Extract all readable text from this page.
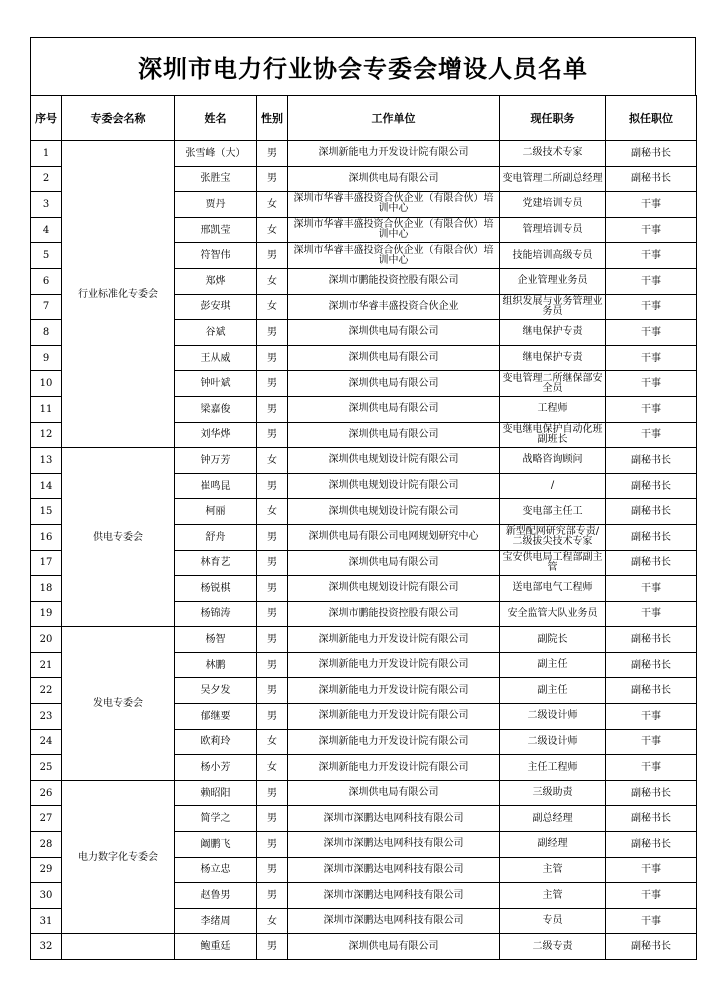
深圳市电力行业协会专委会增设人员名单
序号	专委会名称	姓名	性别	工作单位	现任职务	拟任职位
1	行业标准化专委会	张雪峰（大）	男	深圳新能电力开发设计院有限公司	二级技术专家	副秘书长
2		张胜宝	男	深圳供电局有限公司	变电管理二所副总经理	副秘书长
3		贾丹	女	深圳市华睿丰盛投资合伙企业（有限合伙）培训中心	党建培训专员	干事
4		邢凯莹	女	深圳市华睿丰盛投资合伙企业（有限合伙）培训中心	管理培训专员	干事
5		符智伟	男	深圳市华睿丰盛投资合伙企业（有限合伙）培训中心	技能培训高级专员	干事
6		郑烨	女	深圳市鹏能投资控股有限公司	企业管理业务员	干事
7		彭安琪	女	深圳市华睿丰盛投资合伙企业	组织发展与业务管理业务员	干事
8		谷斌	男	深圳供电局有限公司	继电保护专责	干事
9		王从威	男	深圳供电局有限公司	继电保护专责	干事
10		钟叶斌	男	深圳供电局有限公司	变电管理二所继保部安全员	干事
11		梁嘉俊	男	深圳供电局有限公司	工程师	干事
12		刘华烨	男	深圳供电局有限公司	变电继电保护自动化班副班长	干事
13	供电专委会	钟万芳	女	深圳供电规划设计院有限公司	战略咨询顾问	副秘书长
14		崔鸣昆	男	深圳供电规划设计院有限公司	/	副秘书长
15		柯丽	女	深圳供电规划设计院有限公司	变电部主任工	副秘书长
16		舒舟	男	深圳供电局有限公司电网规划研究中心	新型配网研究部专责/二级拔尖技术专家	副秘书长
17		林育艺	男	深圳供电局有限公司	宝安供电局工程部副主管	副秘书长
18		杨锐棋	男	深圳供电规划设计院有限公司	送电部电气工程师	干事
19		杨锦涛	男	深圳市鹏能投资控股有限公司	安全监管大队业务员	干事
20	发电专委会	杨智	男	深圳新能电力开发设计院有限公司	副院长	副秘书长
21		林鹏	男	深圳新能电力开发设计院有限公司	副主任	副秘书长
22		吴夕发	男	深圳新能电力开发设计院有限公司	副主任	副秘书长
23		郁继要	男	深圳新能电力开发设计院有限公司	二级设计师	干事
24		欧莉玲	女	深圳新能电力开发设计院有限公司	二级设计师	干事
25		杨小芳	女	深圳新能电力开发设计院有限公司	主任工程师	干事
26	电力数字化专委会	赖昭阳	男	深圳供电局有限公司	三级助责	副秘书长
27		简学之	男	深圳市深鹏达电网科技有限公司	副总经理	副秘书长
28		阚鹏飞	男	深圳市深鹏达电网科技有限公司	副经理	副秘书长
29		杨立忠	男	深圳市深鹏达电网科技有限公司	主管	干事
30		赵鲁男	男	深圳市深鹏达电网科技有限公司	主管	干事
31		李绪周	女	深圳市深鹏达电网科技有限公司	专员	干事
32		鲍重廷	男	深圳供电局有限公司	二级专责	副秘书长
